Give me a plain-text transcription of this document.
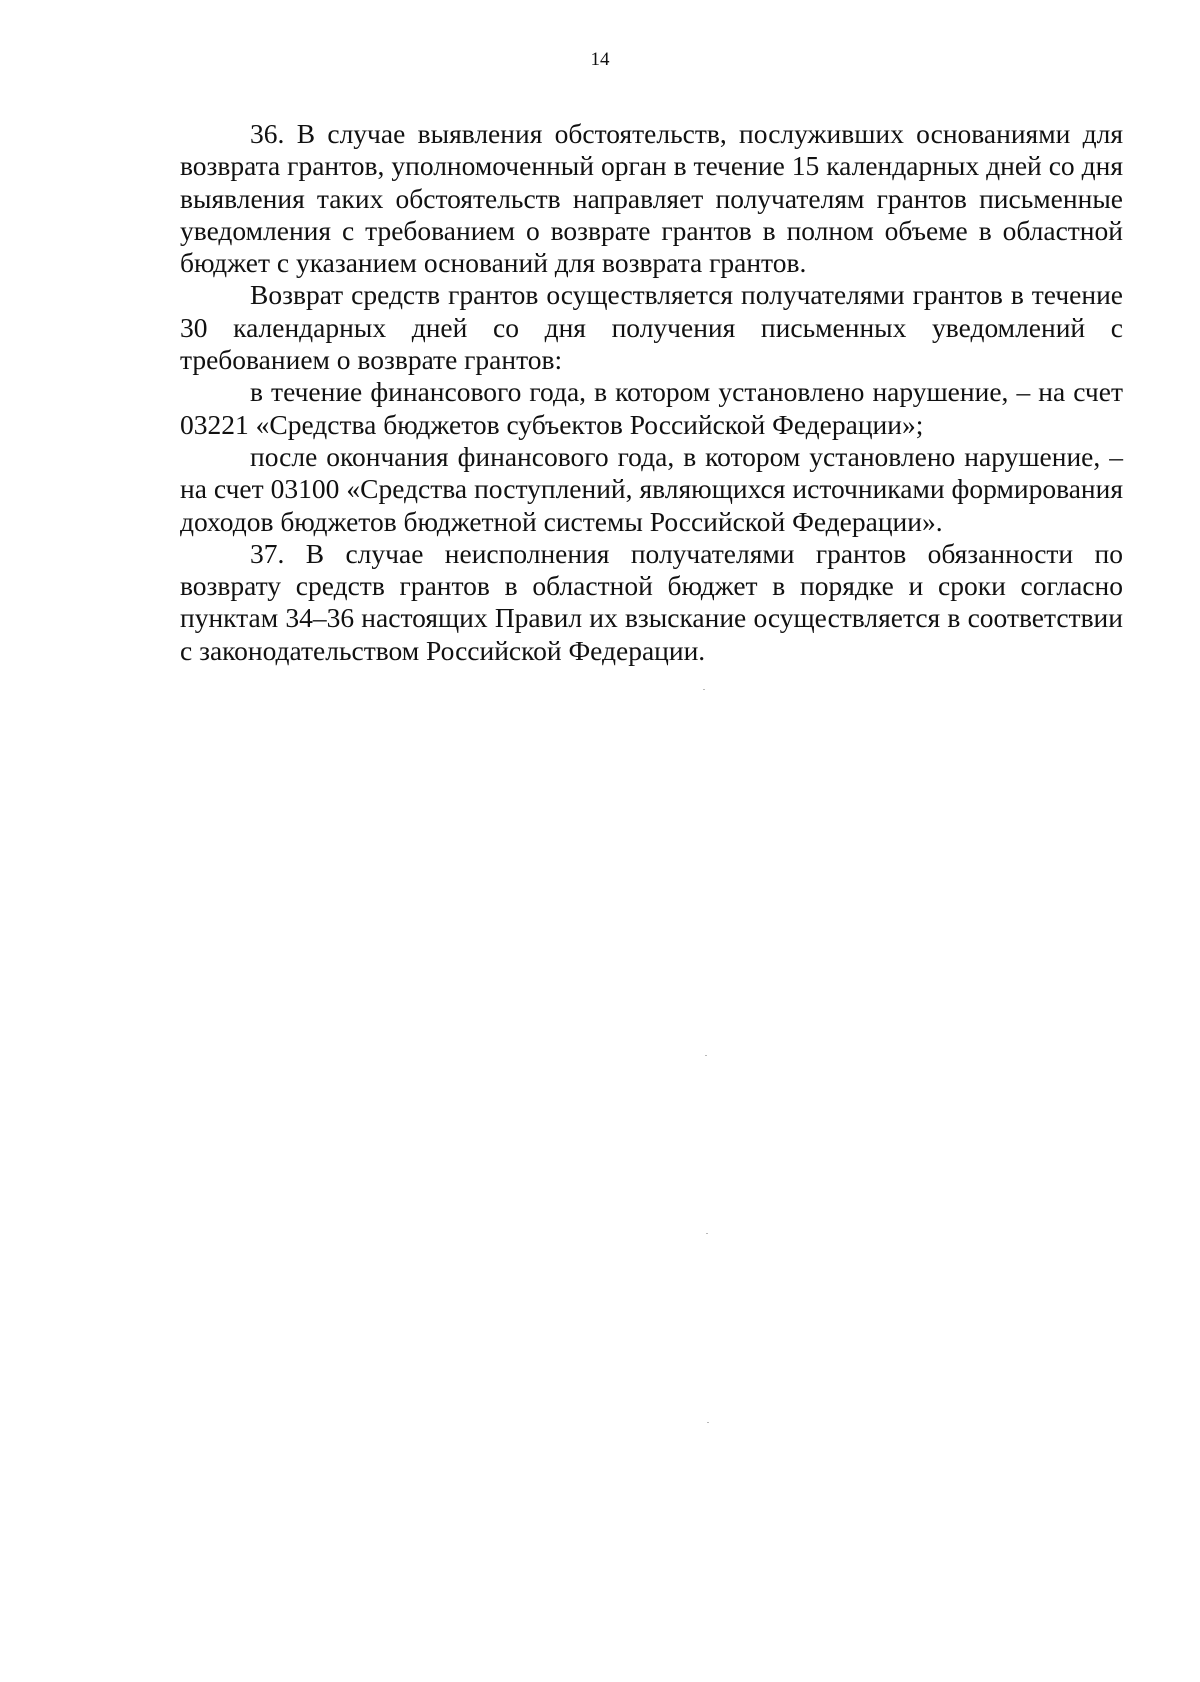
14

36. В случае выявления обстоятельств, послуживших основаниями для возврата грантов, уполномоченный орган в течение 15 календарных дней со дня выявления таких обстоятельств направляет получателям грантов письменные уведомления с требованием о возврате грантов в полном объеме в областной бюджет с указанием оснований для возврата грантов.

Возврат средств грантов осуществляется получателями грантов в течение 30 календарных дней со дня получения письменных уведомлений с требованием о возврате грантов:

в течение финансового года, в котором установлено нарушение, – на счет 03221 «Средства бюджетов субъектов Российской Федерации»;

после окончания финансового года, в котором установлено нарушение, – на счет 03100 «Средства поступлений, являющихся источниками формирования доходов бюджетов бюджетной системы Российской Федерации».

37. В случае неисполнения получателями грантов обязанности по возврату средств грантов в областной бюджет в порядке и сроки согласно пунктам 34–36 настоящих Правил их взыскание осуществляется в соответствии с законодательством Российской Федерации.
